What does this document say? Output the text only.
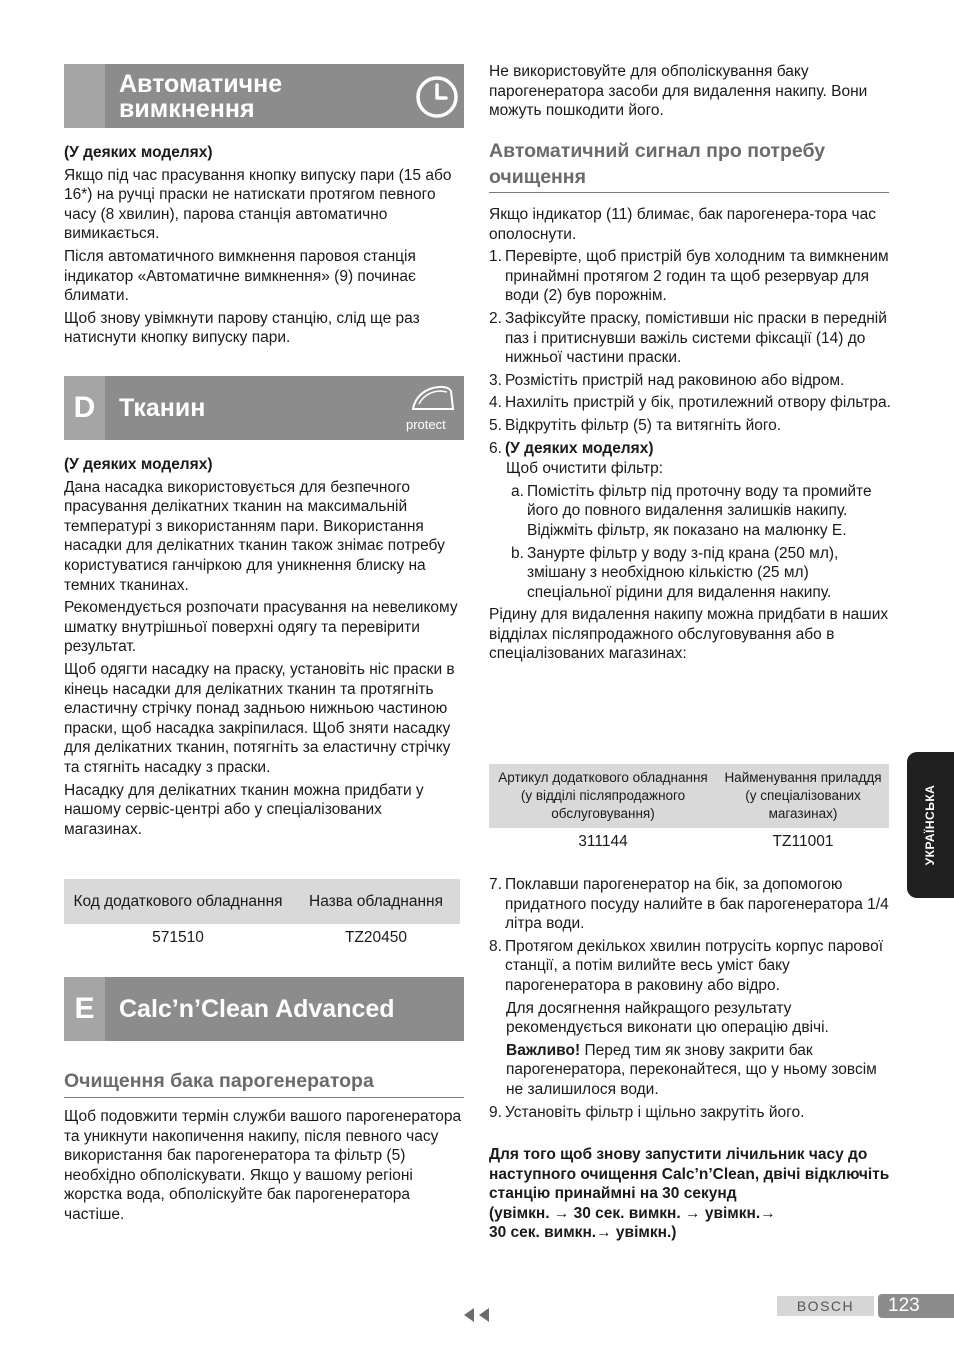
Автоматичне
вимкнення
(У деяких моделях)
Якщо під час прасування кнопку випуску пари (15 або 16*) на ручці праски не натискати протягом певного часу (8 хвилин), парова станція автоматично вимикається.
Після автоматичного вимкнення паровоя станція індикатор «Автоматичне вимкнення» (9) починає блимати.
Щоб знову увімкнути парову станцію, слід ще раз натиснути кнопку випуску пари.
D Тканин
protect
(У деяких моделях)
Дана насадка використовується для безпечного прасування делікатних тканин на максимальній температурі з використанням пари. Використання насадки для делікатних тканин також знімає потребу користуватися ганчіркою для уникнення блиску на темних тканинах.
Рекомендується розпочати прасування на невеликому шматку внутрішньої поверхні одягу та перевірити результат.
Щоб одягти насадку на праску, установіть ніс праски в кінець насадки для делікатних тканин та протягніть еластичну стрічку понад задньою нижньою частиною праски, щоб насадка закріпилася. Щоб зняти насадку для делікатних тканин, потягніть за еластичну стрічку та стягніть насадку з праски.
Насадку для делікатних тканин можна придбати у нашому сервіс-центрі або у спеціалізованих магазинах.
Код додаткового обладнання	Назва обладнання
571510	TZ20450
E Calc’n’Clean Advanced
Очищення бака парогенератора
Щоб подовжити термін служби вашого парогенератора та уникнути накопичення накипу, після певного часу використання бак парогенератора та фільтр (5) необхідно обполіскувати. Якщо у вашому регіоні жорстка вода, обполіскуйте бак парогенератора частіше.
Не використовуйте для обполіскування баку парогенератора засоби для видалення накипу. Вони можуть пошкодити його.
Автоматичний сигнал про потребу очищення
Якщо індикатор (11) блимає, бак парогенера-тора час ополоснути.
1. Перевірте, щоб пристрій був холодним та вимкненим принаймні протягом 2 годин та щоб резервуар для води (2) був порожнім.
2. Зафіксуйте праску, помістивши ніс праски в передній паз і притиснувши важіль системи фіксації (14) до нижньої частини праски.
3. Розмістіть пристрій над раковиною або відром.
4. Нахиліть пристрій у бік, протилежний отвору фільтра.
5. Відкрутіть фільтр (5) та витягніть його.
6. (У деяких моделях)
Щоб очистити фільтр:
a. Помістіть фільтр під проточну воду та промийте його до повного видалення залишків накипу. Відіжміть фільтр, як показано на малюнку E.
b. Занурте фільтр у воду з-під крана (250 мл), змішану з необхідною кількістю (25 мл) спеціальної рідини для видалення накипу.
Рідину для видалення накипу можна придбати в наших відділах післяпродажного обслуговування або в спеціалізованих магазинах:
Артикул додаткового обладнання (у відділі післяпродажного обслуговування)	Найменування приладдя (у спеціалізованих магазинах)
311144	TZ11001
7. Поклавши парогенератор на бік, за допомогою придатного посуду налийте в бак парогенератора 1/4 літра води.
8. Протягом декількох хвилин потрусіть корпус парової станції, а потім вилийте весь уміст баку парогенератора в раковину або відро.
Для досягнення найкращого результату рекомендується виконати цю операцію двічі.
Важливо! Перед тим як знову закрити бак парогенератора, переконайтеся, що у ньому зовсім не залишилося води.
9. Установіть фільтр і щільно закрутіть його.
Для того щоб знову запустити лічильник часу до наступного очищення Calc’n’Clean, двічі відключіть станцію принаймні на 30 секунд
(увімкн. → 30 сек. вимкн. → увімкн.→
30 сек. вимкн.→ увімкн.)
УКРАЇНСЬКА
BOSCH	123
